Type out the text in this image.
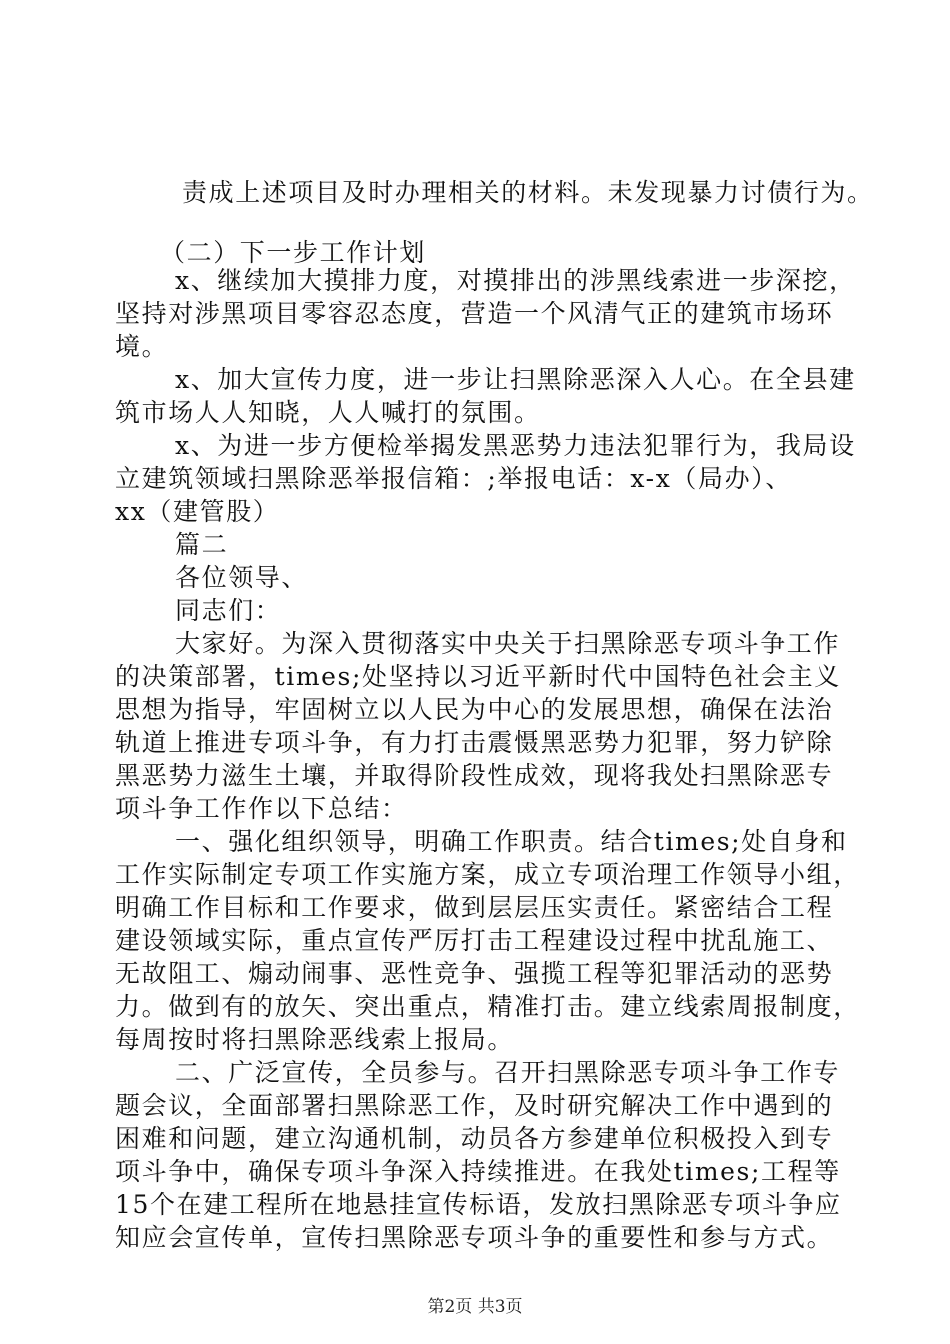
责成上述项目及时办理相关的材料。未发现暴力讨债行为。
（二）下一步工作计划
x、继续加大摸排力度，对摸排出的涉黑线索进一步深挖，
坚持对涉黑项目零容忍态度，营造一个风清气正的建筑市场环
境。
x、加大宣传力度，进一步让扫黑除恶深入人心。在全县建
筑市场人人知晓，人人喊打的氛围。
x、为进一步方便检举揭发黑恶势力违法犯罪行为，我局设
立建筑领域扫黑除恶举报信箱：;举报电话：x-x（局办）、
xx（建管股）
篇二
各位领导、
同志们：
大家好。为深入贯彻落实中央关于扫黑除恶专项斗争工作
的决策部署，times;处坚持以习近平新时代中国特色社会主义
思想为指导，牢固树立以人民为中心的发展思想，确保在法治
轨道上推进专项斗争，有力打击震慑黑恶势力犯罪，努力铲除
黑恶势力滋生土壤，并取得阶段性成效，现将我处扫黑除恶专
项斗争工作作以下总结：
一、强化组织领导，明确工作职责。结合times;处自身和
工作实际制定专项工作实施方案，成立专项治理工作领导小组，
明确工作目标和工作要求，做到层层压实责任。紧密结合工程
建设领域实际，重点宣传严厉打击工程建设过程中扰乱施工、
无故阻工、煽动闹事、恶性竞争、强揽工程等犯罪活动的恶势
力。做到有的放矢、突出重点，精准打击。建立线索周报制度，
每周按时将扫黑除恶线索上报局。
二、广泛宣传，全员参与。召开扫黑除恶专项斗争工作专
题会议，全面部署扫黑除恶工作，及时研究解决工作中遇到的
困难和问题，建立沟通机制，动员各方参建单位积极投入到专
项斗争中，确保专项斗争深入持续推进。在我处times;工程等
15个在建工程所在地悬挂宣传标语，发放扫黑除恶专项斗争应
知应会宣传单，宣传扫黑除恶专项斗争的重要性和参与方式。
第2页 共3页
